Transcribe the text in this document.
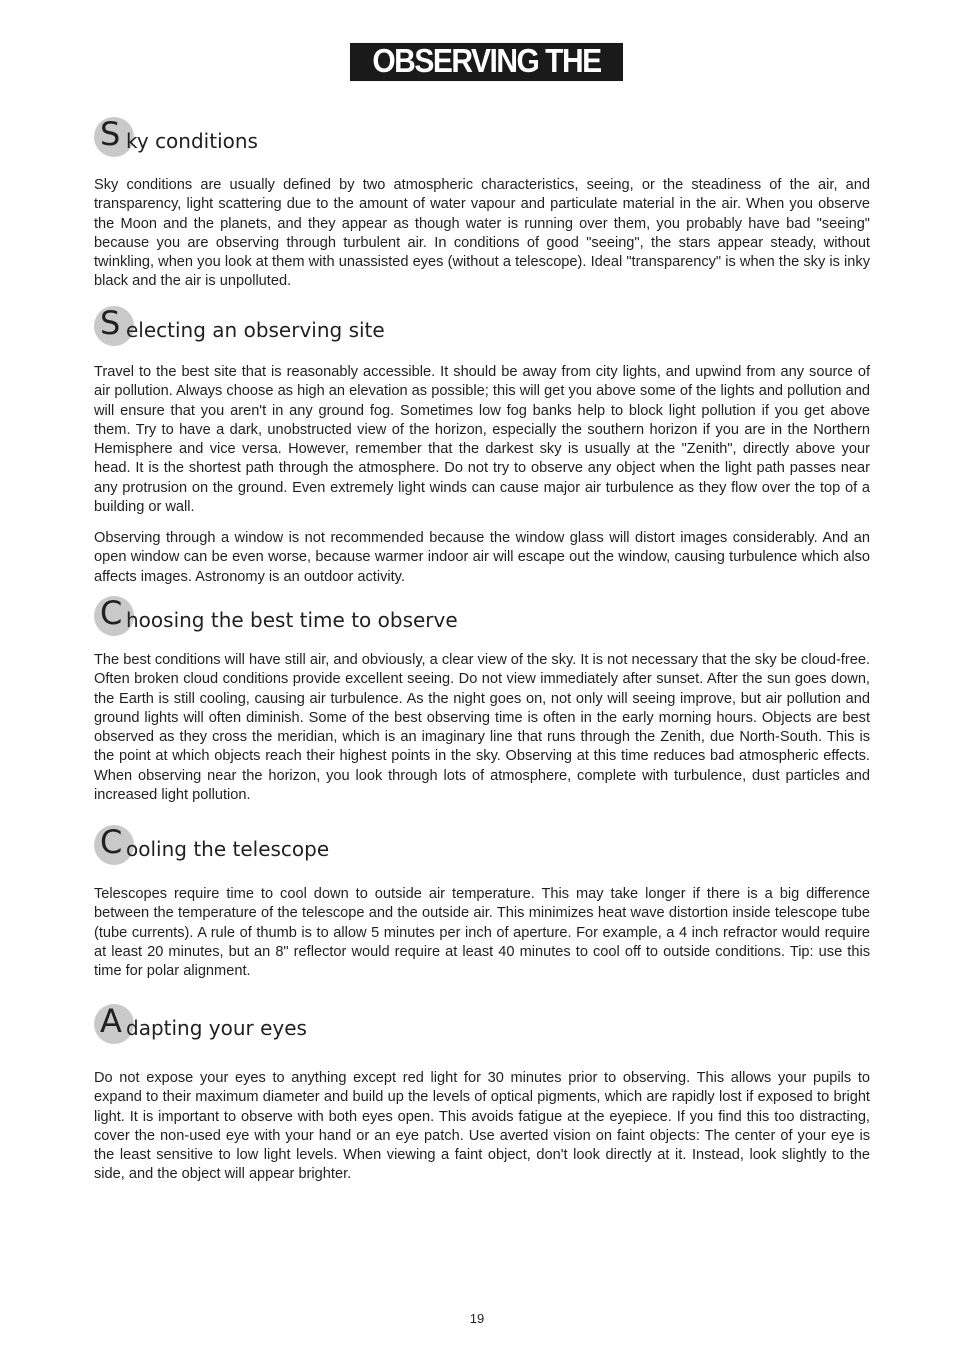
OBSERVING THE SKY
S ky conditions

Sky conditions are usually defined by two atmospheric characteristics, seeing, or the steadiness of the air, and transparency, light scattering due to the amount of water vapour and particulate material in the air. When you observe the Moon and the planets, and they appear as though water is running over them, you probably have bad "seeing" because you are observing through turbulent air. In conditions of good "seeing", the stars appear steady, without twinkling, when you look at them with unassisted eyes (without a telescope). Ideal "transparency" is when the sky is inky black and the air is unpolluted.

S electing an observing site

Travel to the best site that is reasonably accessible. It should be away from city lights, and upwind from any source of air pollution. Always choose as high an elevation as possible; this will get you above some of the lights and pollution and will ensure that you aren't in any ground fog. Sometimes low fog banks help to block light pollution if you get above them. Try to have a dark, unobstructed view of the horizon, especially the southern horizon if you are in the Northern Hemisphere and vice versa. However, remember that the darkest sky is usually at the "Zenith", directly above your head. It is the shortest path through the atmosphere. Do not try to observe any object when the light path passes near any protrusion on the ground. Even extremely light winds can cause major air turbulence as they flow over the top of a building or wall.

Observing through a window is not recommended because the window glass will distort images considerably. And an open window can be even worse, because warmer indoor air will escape out the window, causing turbulence which also affects images. Astronomy is an outdoor activity.

C hoosing the best time to observe

The best conditions will have still air, and obviously, a clear view of the sky. It is not necessary that the sky be cloud-free. Often broken cloud conditions provide excellent seeing. Do not view immediately after sunset. After the sun goes down, the Earth is still cooling, causing air turbulence. As the night goes on, not only will seeing improve, but air pollution and ground lights will often diminish. Some of the best observing time is often in the early morning hours. Objects are best observed as they cross the meridian, which is an imaginary line that runs through the Zenith, due North-South. This is the point at which objects reach their highest points in the sky. Observing at this time reduces bad atmospheric effects. When observing near the horizon, you look through lots of atmosphere, complete with turbulence, dust particles and increased light pollution.

C ooling the telescope

Telescopes require time to cool down to outside air temperature. This may take longer if there is a big difference between the temperature of the telescope and the outside air. This minimizes heat wave distortion inside telescope tube (tube currents). A rule of thumb is to allow 5 minutes per inch of aperture. For example, a 4 inch refractor would require at least 20 minutes, but an 8" reflector would require at least 40 minutes to cool off to outside conditions. Tip: use this time for polar alignment.

A dapting your eyes

Do not expose your eyes to anything except red light for 30 minutes prior to observing. This allows your pupils to expand to their maximum diameter and build up the levels of optical pigments, which are rapidly lost if exposed to bright light. It is important to observe with both eyes open. This avoids fatigue at the eyepiece. If you find this too distracting, cover the non-used eye with your hand or an eye patch. Use averted vision on faint objects: The center of your eye is the least sensitive to low light levels. When viewing a faint object, don't look directly at it. Instead, look slightly to the side, and the object will appear brighter.

19
